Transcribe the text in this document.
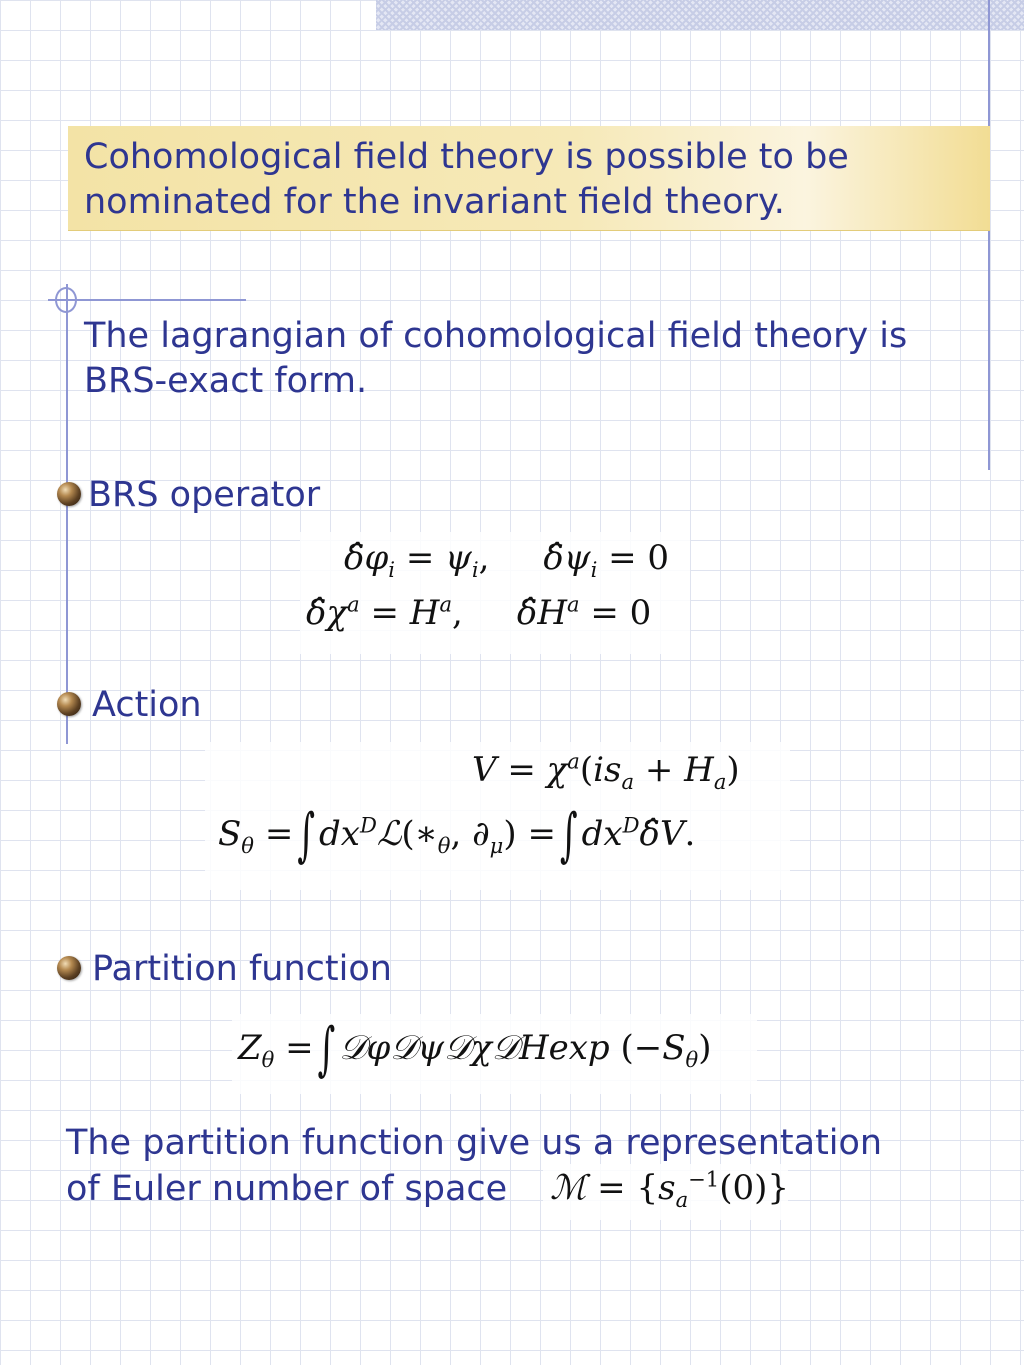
Cohomological field theory is possible to be
nominated for the invariant field theory.
The lagrangian of cohomological field theory is
BRS-exact form.
BRS operator
$\deltâ\varphi_i = \psi_i$,     $\deltâ\psi_i = 0$
$\deltâ\chi^a = H^a$,     $\deltâH^a = 0$
Action
$V = \chi^a(is_a + H_a)$
$S_\theta$ = ∫ $dx^Dℒ(∗_\theta$, $\partial_\mu$) = ∫ $dx^D\deltâV$.
Partition function
$Z_\theta$ = ∫ 𝒟φ𝒟ψ𝒟χ𝒟Hexp $(-S_\theta)$
The partition function give us a representation
of Euler number of space ℳ = $\{s_a^{-1}(0)\}$
